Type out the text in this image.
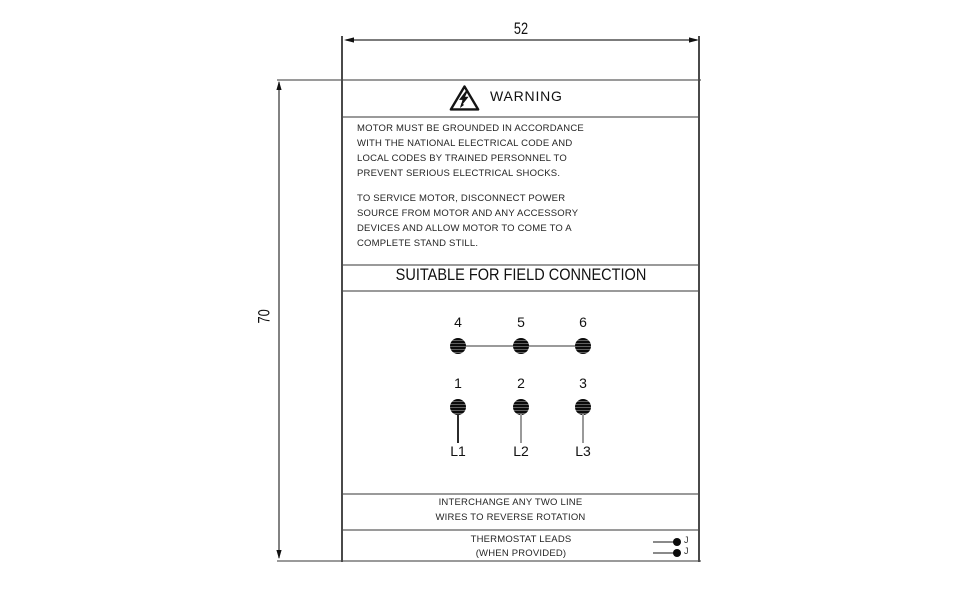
52
70
WARNING
MOTOR MUST BE GROUNDED IN ACCORDANCE
WITH THE NATIONAL ELECTRICAL CODE AND
LOCAL CODES BY TRAINED PERSONNEL TO
PREVENT SERIOUS ELECTRICAL SHOCKS.
TO SERVICE MOTOR, DISCONNECT POWER
SOURCE FROM MOTOR AND ANY ACCESSORY
DEVICES AND ALLOW MOTOR TO COME TO A
COMPLETE STAND STILL.
SUITABLE FOR FIELD CONNECTION
4
1
L1
5
2
L2
6
3
L3
INTERCHANGE ANY TWO LINE
WIRES TO REVERSE ROTATION
THERMOSTAT LEADS
(WHEN PROVIDED)
J
J
